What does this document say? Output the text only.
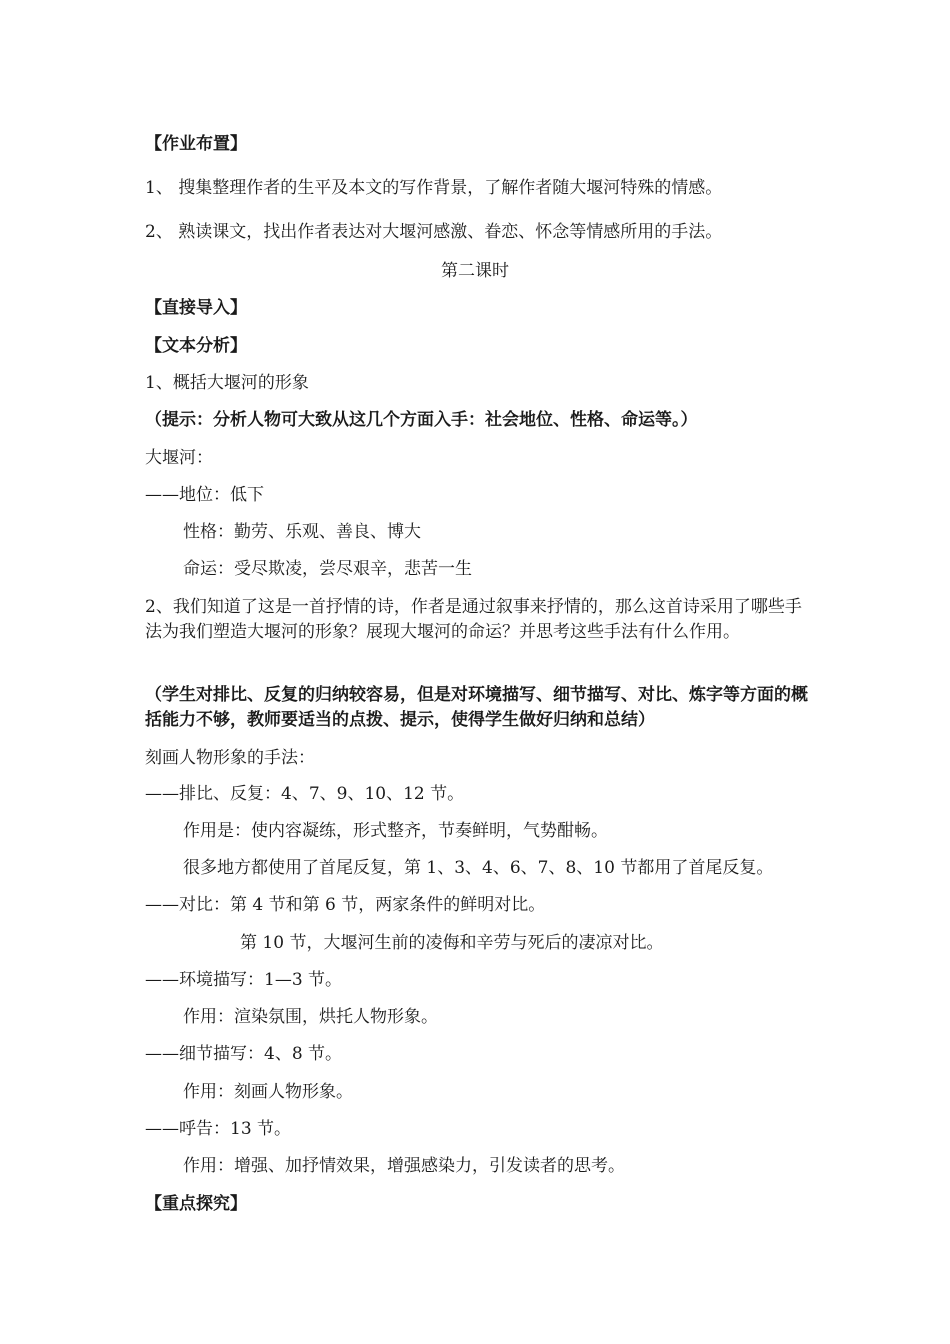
【作业布置】
1、 搜集整理作者的生平及本文的写作背景，了解作者随大堰河特殊的情感。
2、 熟读课文，找出作者表达对大堰河感激、眷恋、怀念等情感所用的手法。
第二课时
【直接导入】
【文本分析】
1、概括大堰河的形象
（提示：分析人物可大致从这几个方面入手：社会地位、性格、命运等。）
大堰河：
——地位：低下
性格：勤劳、乐观、善良、博大
命运：受尽欺凌，尝尽艰辛，悲苦一生
2、我们知道了这是一首抒情的诗，作者是通过叙事来抒情的，那么这首诗采用了哪些手法为我们塑造大堰河的形象？展现大堰河的命运？并思考这些手法有什么作用。
（学生对排比、反复的归纳较容易，但是对环境描写、细节描写、对比、炼字等方面的概括能力不够，教师要适当的点拨、提示，使得学生做好归纳和总结）
刻画人物形象的手法：
——排比、反复：4、7、9、10、12 节。
作用是：使内容凝练，形式整齐，节奏鲜明，气势酣畅。
很多地方都使用了首尾反复，第 1、3、4、6、7、8、10 节都用了首尾反复。
——对比：第 4 节和第 6 节，两家条件的鲜明对比。
第 10 节，大堰河生前的凌侮和辛劳与死后的凄凉对比。
——环境描写：1—3 节。
作用：渲染氛围，烘托人物形象。
——细节描写：4、8 节。
作用：刻画人物形象。
——呼告：13 节。
作用：增强、加抒情效果，增强感染力，引发读者的思考。
【重点探究】
